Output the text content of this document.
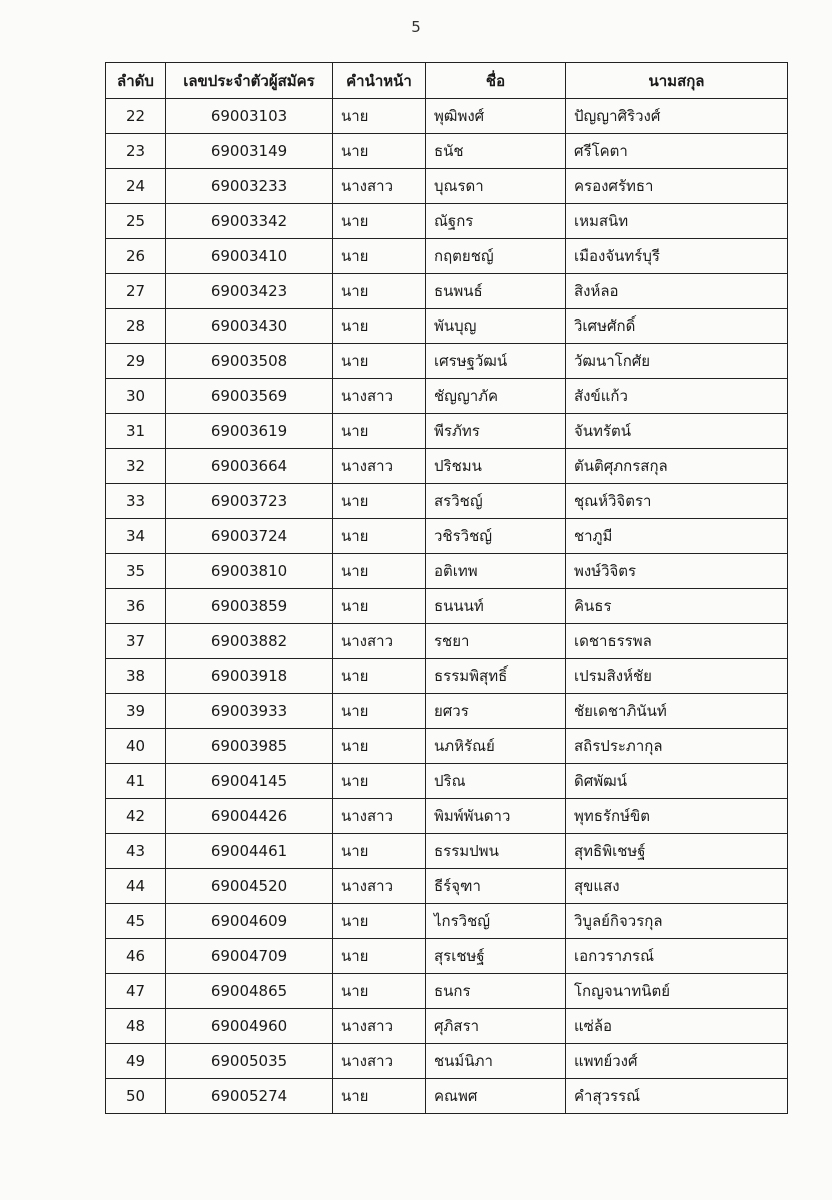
5
ลำดับ	เลขประจำตัวผู้สมัคร	คำนำหน้า	ชื่อ	นามสกุล
22	69003103	นาย	พุฒิพงศ์	ปัญญาศิริวงศ์
23	69003149	นาย	ธนัช	ศรีโคตา
24	69003233	นางสาว	บุณรดา	ครองศรัทธา
25	69003342	นาย	ณัฐกร	เหมสนิท
26	69003410	นาย	กฤตยชญ์	เมืองจันทร์บุรี
27	69003423	นาย	ธนพนธ์	สิงห์ลอ
28	69003430	นาย	พันบุญ	วิเศษศักดิ์
29	69003508	นาย	เศรษฐวัฒน์	วัฒนาโกศัย
30	69003569	นางสาว	ชัญญาภัค	สังข์แก้ว
31	69003619	นาย	พีรภัทร	จันทรัตน์
32	69003664	นางสาว	ปริชมน	ตันติศุภกรสกุล
33	69003723	นาย	สรวิชญ์	ชุณห์วิจิตรา
34	69003724	นาย	วชิรวิชญ์	ชาภูมี
35	69003810	นาย	อติเทพ	พงษ์วิจิตร
36	69003859	นาย	ธนนนท์	คินธร
37	69003882	นางสาว	รชยา	เดชาธรรพล
38	69003918	นาย	ธรรมพิสุทธิ์	เปรมสิงห์ชัย
39	69003933	นาย	ยศวร	ชัยเดชาภินันท์
40	69003985	นาย	นภหิรัณย์	สถิรประภากุล
41	69004145	นาย	ปริณ	ดิศพัฒน์
42	69004426	นางสาว	พิมพ์พันดาว	พุทธรักษ์ขิต
43	69004461	นาย	ธรรมปพน	สุทธิพิเชษฐ์
44	69004520	นางสาว	ธีร์จุฑา	สุขแสง
45	69004609	นาย	ไกรวิชญ์	วิบูลย์กิจวรกุล
46	69004709	นาย	สุรเชษฐ์	เอกวราภรณ์
47	69004865	นาย	ธนกร	โกญจนาทนิตย์
48	69004960	นางสาว	ศุภิสรา	แซ่ล้อ
49	69005035	นางสาว	ชนม์นิภา	แพทย์วงศ์
50	69005274	นาย	คณพศ	คำสุวรรณ์
